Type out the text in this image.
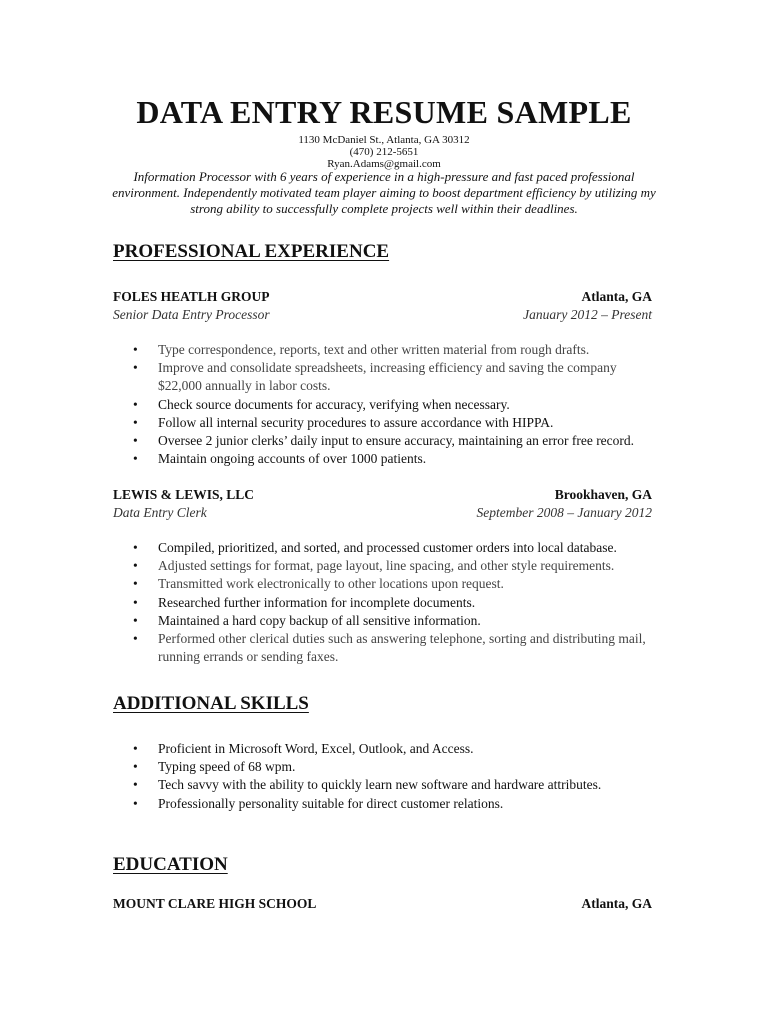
DATA ENTRY RESUME SAMPLE
1130 McDaniel St., Atlanta, GA 30312
(470) 212-5651
Ryan.Adams@gmail.com
Information Processor with 6 years of experience in a high-pressure and fast paced professional environment. Independently motivated team player aiming to boost department efficiency by utilizing my strong ability to successfully complete projects well within their deadlines.
PROFESSIONAL EXPERIENCE
FOLES HEATLH GROUP	Atlanta, GA
Senior Data Entry Processor	January 2012 – Present
• Type correspondence, reports, text and other written material from rough drafts.
• Improve and consolidate spreadsheets, increasing efficiency and saving the company $22,000 annually in labor costs.
• Check source documents for accuracy, verifying when necessary.
• Follow all internal security procedures to assure accordance with HIPPA.
• Oversee 2 junior clerks’ daily input to ensure accuracy, maintaining an error free record.
• Maintain ongoing accounts of over 1000 patients.
LEWIS & LEWIS, LLC	Brookhaven, GA
Data Entry Clerk	September 2008 – January 2012
• Compiled, prioritized, and sorted, and processed customer orders into local database.
• Adjusted settings for format, page layout, line spacing, and other style requirements.
• Transmitted work electronically to other locations upon request.
• Researched further information for incomplete documents.
• Maintained a hard copy backup of all sensitive information.
• Performed other clerical duties such as answering telephone, sorting and distributing mail, running errands or sending faxes.
ADDITIONAL SKILLS
• Proficient in Microsoft Word, Excel, Outlook, and Access.
• Typing speed of 68 wpm.
• Tech savvy with the ability to quickly learn new software and hardware attributes.
• Professionally personality suitable for direct customer relations.
EDUCATION
MOUNT CLARE HIGH SCHOOL	Atlanta, GA
